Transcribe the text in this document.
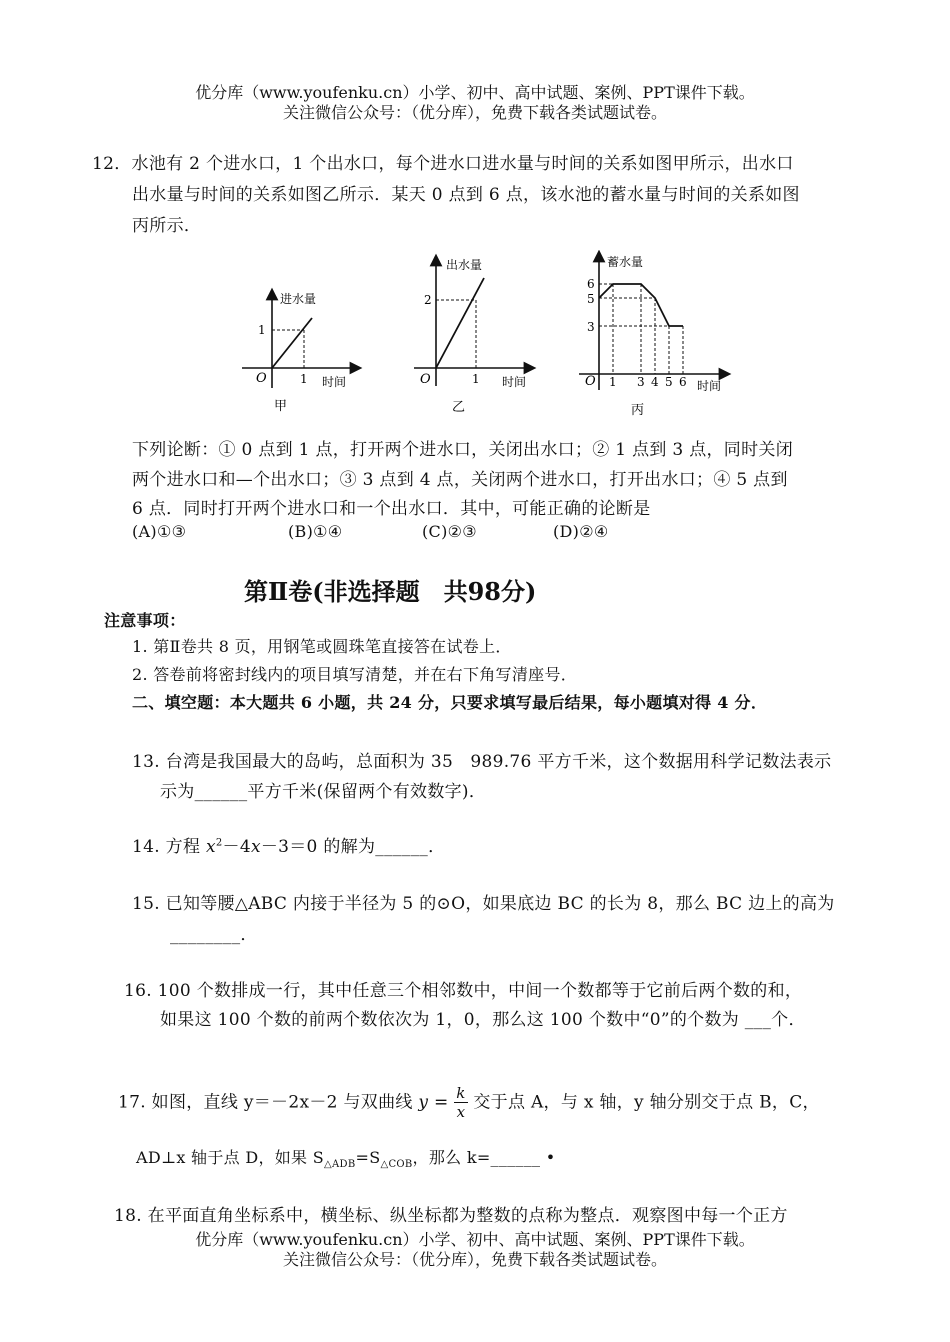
优分库（www.youfenku.cn）小学、初中、高中试题、案例、PPT课件下载。
关注微信公众号：（优分库），免费下载各类试题试卷。
12．水池有 2 个进水口，1 个出水口，每个进水口进水量与时间的关系如图甲所示，出水口
出水量与时间的关系如图乙所示．某天 0 点到 6 点，该水池的蓄水量与时间的关系如图
丙所示．
进水量
1
O	1 时间
甲
出水量
2
O	1 时间
乙
蓄水量
6
5
3
O 1 3 4 5 6 时间
丙
下列论断：① 0 点到 1 点，打开两个进水口，关闭出水口；② 1 点到 3 点，同时关闭
两个进水口和—个出水口；③ 3 点到 4 点，关闭两个进水口，打开出水口；④ 5 点到
6 点．同时打开两个进水口和一个出水口．其中，可能正确的论断是
(A)①③	(B)①④	(C)②③	(D)②④
第Ⅱ卷(非选择题　共98分)
注意事项：
1. 第Ⅱ卷共 8 页，用钢笔或圆珠笔直接答在试卷上．
2. 答卷前将密封线内的项目填写清楚，并在右下角写清座号．
二、填空题：本大题共 6 小题，共 24 分，只要求填写最后结果，每小题填对得 4 分．
13. 台湾是我国最大的岛屿，总面积为 35　989.76 平方千米，这个数据用科学记数法表示
示为______平方千米(保留两个有效数字)．
14. 方程 $x^2-4x-3=0$ 的解为______．
15. 已知等腰△ABC 内接于半径为 5 的⊙O，如果底边 BC 的长为 8，那么 BC 边上的高为
________．
16. 100 个数排成一行，其中任意三个相邻数中，中间一个数都等于它前后两个数的和，
如果这 100 个数的前两个数依次为 1，0，那么这 100 个数中“0”的个数为 ___个．
17. 如图，直线 y＝－2x－2 与双曲线 $y = \frac{k}{x}$ 交于点 A，与 x 轴，y 轴分别交于点 B，C，
AD⊥x 轴于点 D，如果 $S_{\triangle ADB}=S_{\triangle COB}$，那么 k=______ •
18. 在平面直角坐标系中，横坐标、纵坐标都为整数的点称为整点．观察图中每一个正方
优分库（www.youfenku.cn）小学、初中、高中试题、案例、PPT课件下载。
关注微信公众号：（优分库），免费下载各类试题试卷。
